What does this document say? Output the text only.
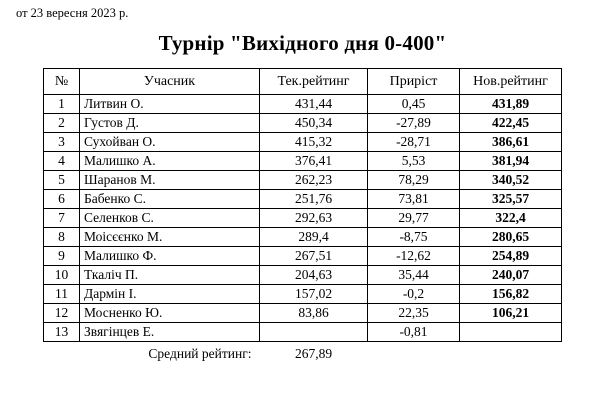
от 23 вересня 2023 р.
Турнір "Вихідного дня 0-400"
№	Учасник	Тек.рейтинг	Приріст	Нов.рейтинг
1	Литвин О.	431,44	0,45	431,89
2	Густов Д.	450,34	-27,89	422,45
3	Сухойван О.	415,32	-28,71	386,61
4	Малишко А.	376,41	5,53	381,94
5	Шаранов М.	262,23	78,29	340,52
6	Бабенко С.	251,76	73,81	325,57
7	Селенков С.	292,63	29,77	322,4
8	Моісєєнко М.	289,4	-8,75	280,65
9	Малишко Ф.	267,51	-12,62	254,89
10	Ткаліч П.	204,63	35,44	240,07
11	Дармін І.	157,02	-0,2	156,82
12	Мосненко Ю.	83,86	22,35	106,21
13	Звягінцев Е.		-0,81	
Средний рейтинг:	267,89
